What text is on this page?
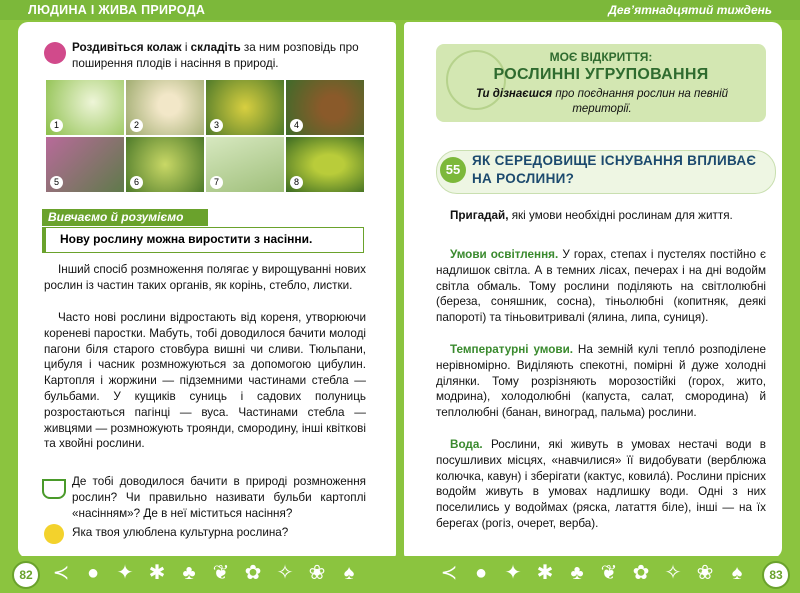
ЛЮДИНА І ЖИВА ПРИРОДА	Дев’ятнадцятий тиждень
Роздивіться колаж і складіть за ним розповідь про поширення плодів і насіння в природі.
1	2	3	4
5	6	7	8
Вивчаємо й розуміємо
Нову рослину можна виростити з насінни.
Інший спосіб розмноження полягає у вирощуванні нових рослин із частин таких органів, як корінь, стебло, листки.
Часто нові рослини відростають від кореня, утворюючи кореневі паростки. Мабуть, тобі доводилося бачити молоді пагони біля старого стовбура вишні чи сливи. Тюльпани, цибуля і часник розмножуються за допомогою цибулин. Картопля і жоржини — підземними частинами стебла — бульбами. У кущиків суниць і садових полуниць розростаються пагінці — вуса. Частинами стебла — живцями — розмножують троянди, смородину, інші квіткові та хвойні рослини.
Де тобі доводилося бачити в природі розмноження рослин? Чи правильно називати бульби картоплі «насінням»? Де в неї міститься насіння?
Яка твоя улюблена культурна рослина?
МОЄ ВІДКРИТТЯ:
РОСЛИННІ УГРУПОВАННЯ
Ти дізнаєшся про поєднання рослин на певній території.
55
ЯК СЕРЕДОВИЩЕ ІСНУВАННЯ ВПЛИВАЄ НА РОСЛИНИ?
Пригадай, які умови необхідні рослинам для життя.
Умови освітлення. У горах, степах і пустелях постійно є надлишок світла. А в темних лісах, печерах і на дні водойм світла обмаль. Тому рослини поділяють на світлолюбні (береза, соняшник, сосна), тіньолюбні (копитняк, деякі папороті) та тіньовитривалі (ялина, липа, суниця).
Температурні умови. На земній кулі тепло́ розподілене нерівномірно. Виділяють спекотні, помірні й дуже холодні ділянки. Тому розрізняють морозостійкі (горох, жито, модрина), холодолюбні (капуста, салат, смородина) й теплолюбні (банан, виноград, пальма) рослини.
Вода. Рослини, які живуть в умовах нестачі води в посушливих місцях, «навчилися» її видобувати (верблюжа колючка, кавун) і зберігати (кактус, ковила́). Рослини прісних водойм живуть в умовах надлишку води. Одні з них поселились у водоймах (ряска, латаття біле), інші — на їх берегах (рогіз, очерет, верба).
82	83
≺ ● ✦ ✱ ♣ ❦ ✿ ✧ ❀ ♠	≺ ● ✦ ✱ ♣ ❦ ✿ ✧ ❀ ♠
